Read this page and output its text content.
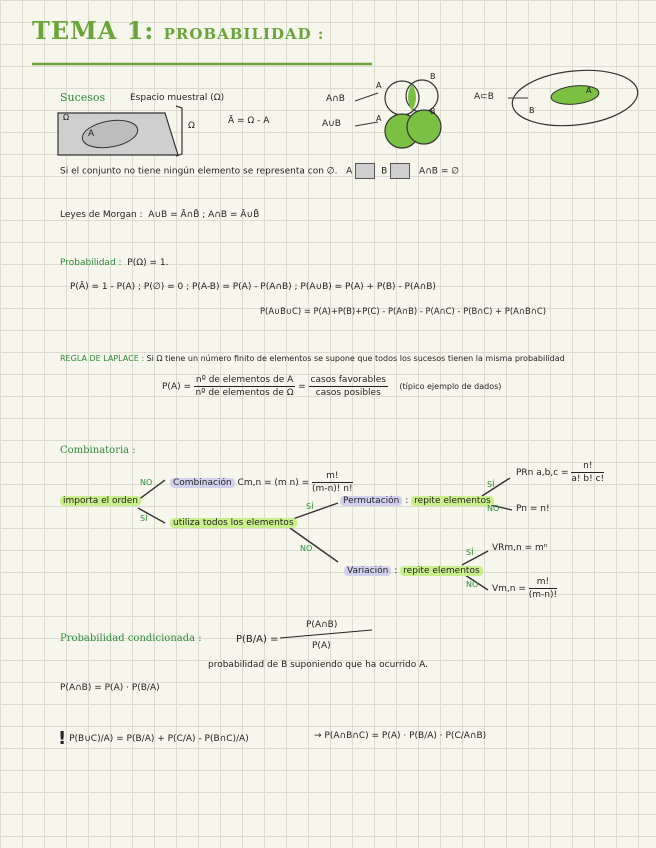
TEMA 1: PROBABILIDAD :
Sucesos	Espacio muestral (Ω)
Ω
A
Ω	Ā = Ω - A
A∩B
A∪B
A
B
A
B
A⊂B
B
A
Si el conjunto no tiene ningún elemento se representa con ∅. A	B	A∩B = ∅
Leyes de Morgan : A∪B = Ā∩B̄ ; A∩B = Ā∪B̄
Probabilidad : P(Ω) = 1.
P(Ā) = 1 - P(A) ; P(∅) = 0 ; P(A-B) = P(A) - P(A∩B) ; P(A∪B) = P(A) + P(B) - P(A∩B)
P(A∪B∪C) = P(A)+P(B)+P(C) - P(A∩B) - P(A∩C) - P(B∩C) + P(A∩B∩C)
REGLA DE LAPLACE : Si Ω tiene un número finito de elementos se supone que todos los sucesos tienen la misma probabilidad
$P(A) = \frac{\text{nº de elementos de A}}{\text{nº de elementos de Ω}} = \frac{\text{casos favorables}}{\text{casos posibles}}$ (típico ejemplo de dados)
Combinatoria :
importa el orden
NO
SÍ
Combinación Cm,n = (m $n) = \frac{m!}{(m-n)! n!}$
utiliza todos los elementos
SÍ
NO
Permutación : repite elementos
SÍ
NO
PRn $a,b,c = \frac{n!}{a! b! c!}$
Pn = n!
Variación : repite elementos
SÍ
NO
VRm,n = mⁿ
$Vm,n = \frac{m!}{(m-n)!}$
Probabilidad condicionada :	P(B/A) =
P(A∩B)
P(A)
probabilidad de B suponiendo que ha ocurrido A.
P(A∩B) = P(A) · P(B/A)
! P(B∪C)/A) = P(B/A) + P(C/A) - P(B∩C)/A)	→ P(A∩B∩C) = P(A) · P(B/A) · P(C/A∩B)
